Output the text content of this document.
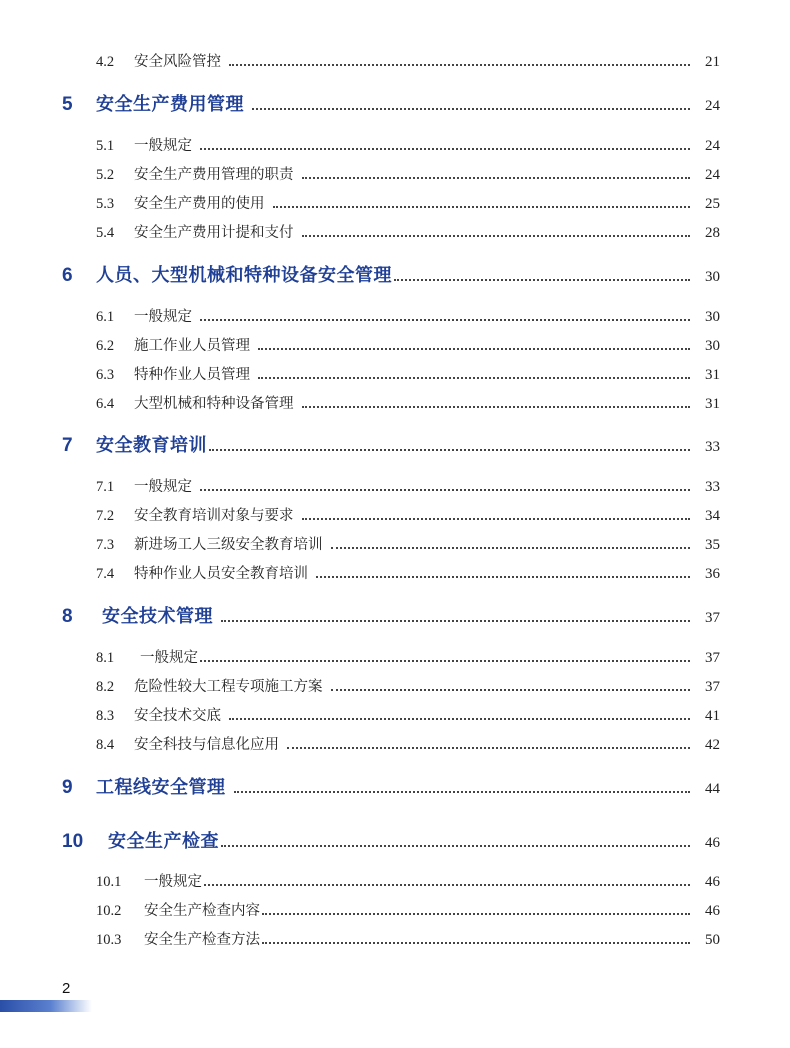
4.2	安全风险管控	21
5	安全生产费用管理	24
5.1	一般规定	24
5.2	安全生产费用管理的职责	24
5.3	安全生产费用的使用	25
5.4	安全生产费用计提和支付	28
6	人员、大型机械和特种设备安全管理	30
6.1	一般规定	30
6.2	施工作业人员管理	30
6.3	特种作业人员管理	31
6.4	大型机械和特种设备管理	31
7	安全教育培训	33
7.1	一般规定	33
7.2	安全教育培训对象与要求	34
7.3	新进场工人三级安全教育培训	35
7.4	特种作业人员安全教育培训	36
8	安全技术管理	37
8.1	一般规定	37
8.2	危险性较大工程专项施工方案	37
8.3	安全技术交底	41
8.4	安全科技与信息化应用	42
9	工程线安全管理	44
10	安全生产检查	46
10.1	一般规定	46
10.2	安全生产检查内容	46
10.3	安全生产检查方法	50
2
